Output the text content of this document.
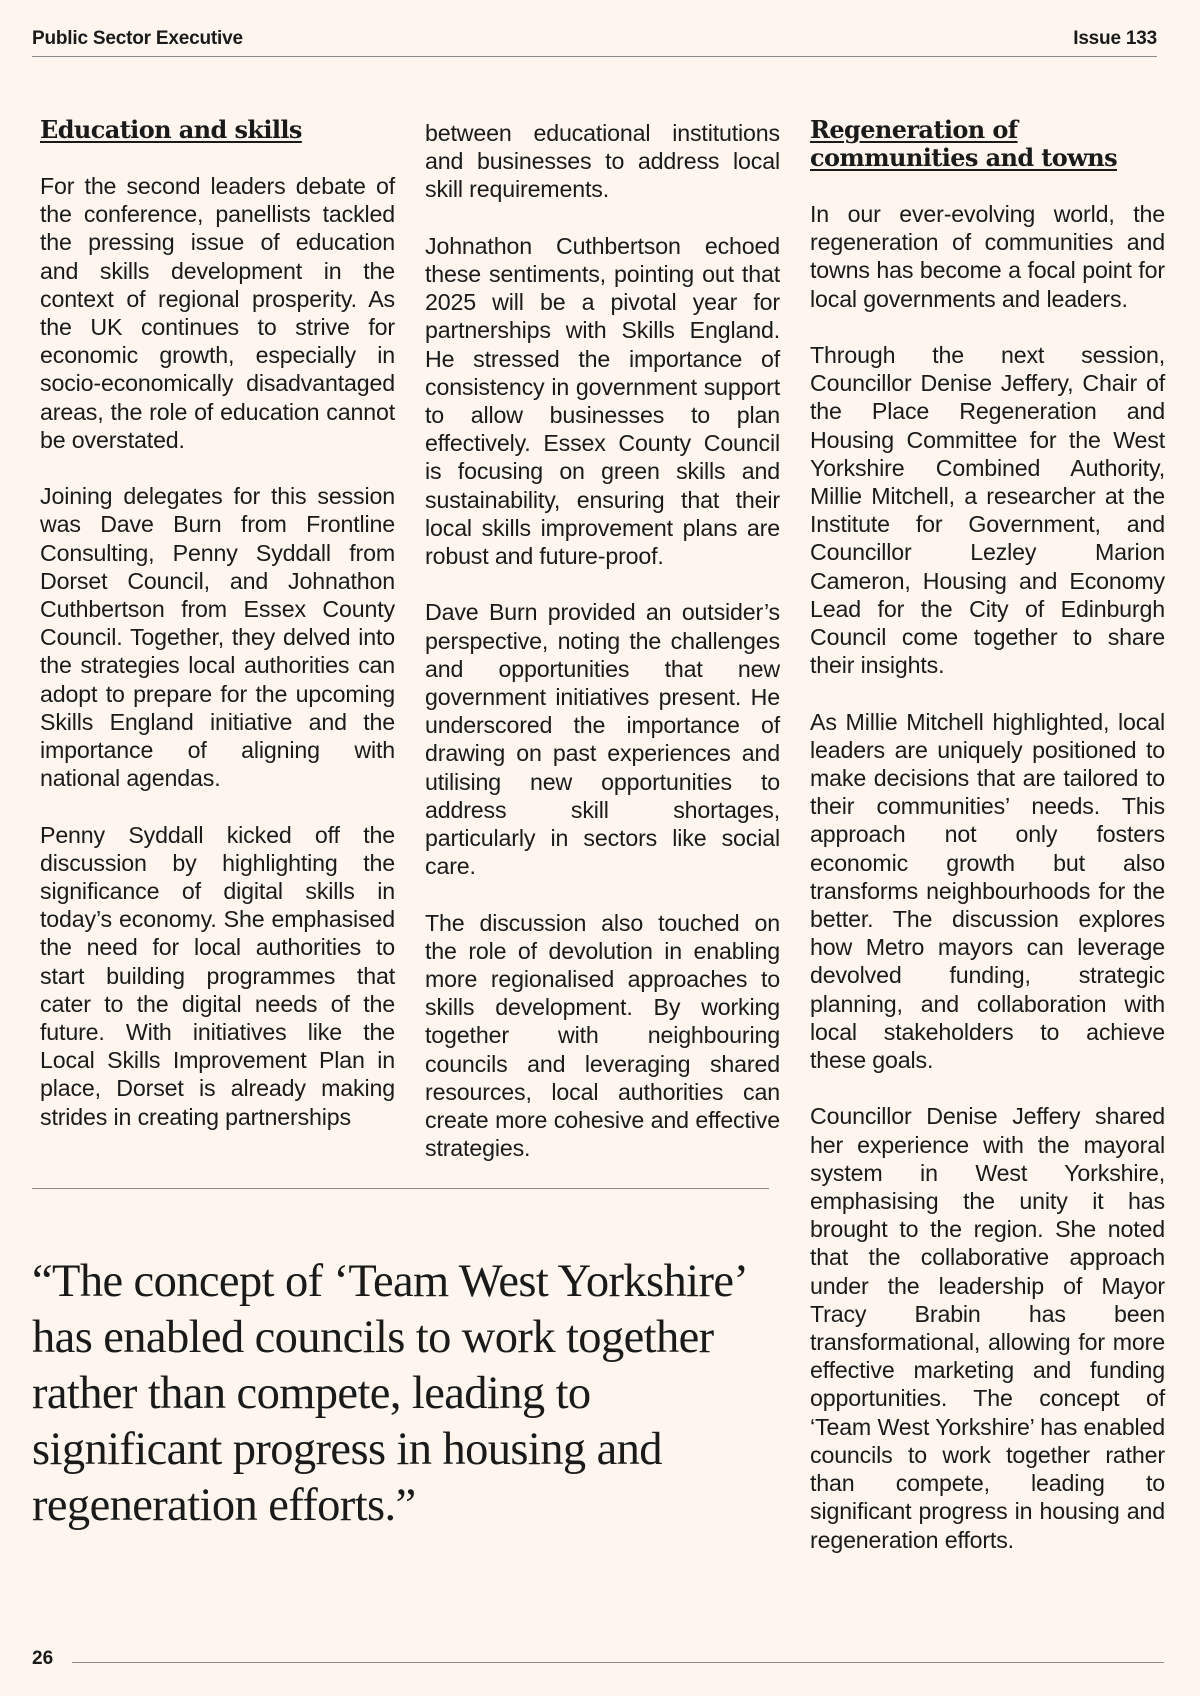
Public Sector Executive	Issue 133
Education and skills

For the second leaders debate of the conference, panellists tackled the pressing issue of education and skills development in the context of regional prosperity. As the UK continues to strive for economic growth, especially in socio-economically disadvantaged areas, the role of education cannot be overstated.

Joining delegates for this session was Dave Burn from Frontline Consulting, Penny Syddall from Dorset Council, and Johnathon Cuthbertson from Essex County Council. Together, they delved into the strategies local authorities can adopt to prepare for the upcoming Skills England initiative and the importance of aligning with national agendas.

Penny Syddall kicked off the discussion by highlighting the significance of digital skills in today’s economy. She emphasised the need for local authorities to start building programmes that cater to the digital needs of the future. With initiatives like the Local Skills Improvement Plan in place, Dorset is already making strides in creating partnerships

between educational institutions and businesses to address local skill requirements.

Johnathon Cuthbertson echoed these sentiments, pointing out that 2025 will be a pivotal year for partnerships with Skills England. He stressed the importance of consistency in government support to allow businesses to plan effectively. Essex County Council is focusing on green skills and sustainability, ensuring that their local skills improvement plans are robust and future-proof.

Dave Burn provided an outsider’s perspective, noting the challenges and opportunities that new government initiatives present. He underscored the importance of drawing on past experiences and utilising new opportunities to address skill shortages, particularly in sectors like social care.

The discussion also touched on the role of devolution in enabling more regionalised approaches to skills development. By working together with neighbouring councils and leveraging shared resources, local authorities can create more cohesive and effective strategies.

Regeneration of communities and towns

In our ever-evolving world, the regeneration of communities and towns has become a focal point for local governments and leaders.

Through the next session, Councillor Denise Jeffery, Chair of the Place Regeneration and Housing Committee for the West Yorkshire Combined Authority, Millie Mitchell, a researcher at the Institute for Government, and Councillor Lezley Marion Cameron, Housing and Economy Lead for the City of Edinburgh Council come together to share their insights.

As Millie Mitchell highlighted, local leaders are uniquely positioned to make decisions that are tailored to their communities’ needs. This approach not only fosters economic growth but also transforms neighbourhoods for the better. The discussion explores how Metro mayors can leverage devolved funding, strategic planning, and collaboration with local stakeholders to achieve these goals.

Councillor Denise Jeffery shared her experience with the mayoral system in West Yorkshire, emphasising the unity it has brought to the region. She noted that the collaborative approach under the leadership of Mayor Tracy Brabin has been transformational, allowing for more effective marketing and funding opportunities. The concept of ‘Team West Yorkshire’ has enabled councils to work together rather than compete, leading to significant progress in housing and regeneration efforts.

“The concept of ‘Team West Yorkshire’ has enabled councils to work together rather than compete, leading to significant progress in housing and regeneration efforts.”
26
